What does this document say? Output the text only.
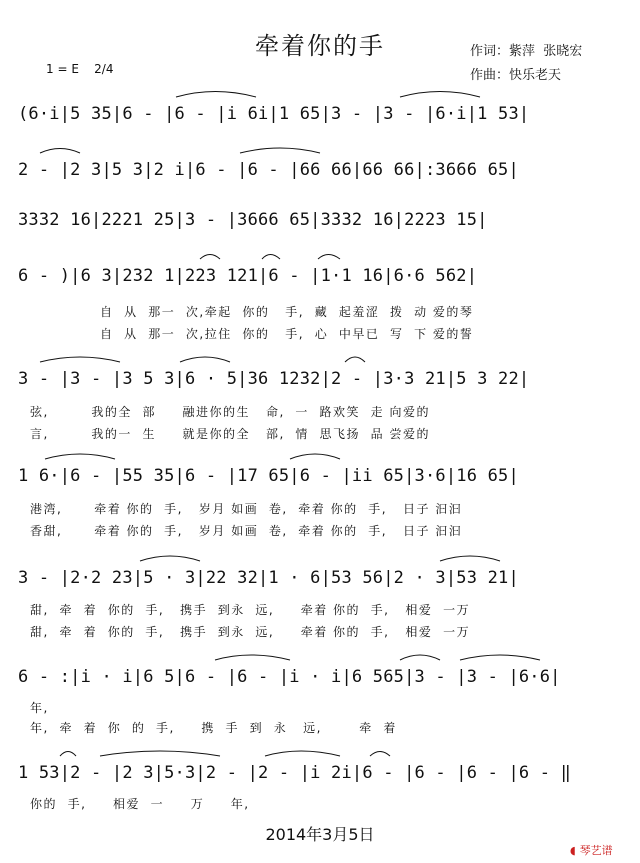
牵着你的手
1 = E    2/4
作词：紫萍  张晓宏
作曲：快乐老天
(6·i|5 35|6 - |6 - |i 6i|1 65|3 - |3 - |6·i|1 53|
2 - |2 3|5 3|2 i|6 - |6 - |66 66|66 66|:3666 65|
3332 16|2221 25|3 - |3666 65|3332 16|2223 15|
6 - )|6 3|232 1|223 121|6 - |1·1 16|6·6 562|
3 - |3 - |3 5 3|6 · 5|36 1232|2 - |3·3 21|5 3 22|
1 6·|6 - |55 35|6 - |17 65|6 - |ii 65|3·6|16 65|
3 - |2·2 23|5 · 3|22 32|1 · 6|53 56|2 · 3|53 21|
6 - :|i · i|6 5|6 - |6 - |i · i|6 565|3 - |3 - |6·6|
1 53|2 - |2 3|5·3|2 - |2 - |i 2i|6 - |6 - |6 - |6 - ‖
自  从  那一  次,牵起  你的   手,  藏  起羞涩  拨  动 爱的琴
自  从  那一  次,拉住  你的   手,  心  中早已  写  下 爱的誓
弦,        我的全  部     融进你的生   命,  一  路欢笑  走 向爱的
言,        我的一  生     就是你的全   部,  情  思飞扬  品 尝爱的
港湾,      牵着 你的  手,   岁月 如画  卷,  牵着 你的  手,   日子 汩汩
香甜,      牵着 你的  手,   岁月 如画  卷,  牵着 你的  手,   日子 汩汩
甜,  牵  着  你的  手,   携手  到永  远,     牵着 你的  手,   相爱  一万
甜,  牵  着  你的  手,   携手  到永  远,     牵着 你的  手,   相爱  一万
年,
年,  牵  着  你  的  手,     携  手  到  永   远,       牵  着
你的  手,     相爱  一     万     年,
2014年3月5日
◖ 琴艺谱
